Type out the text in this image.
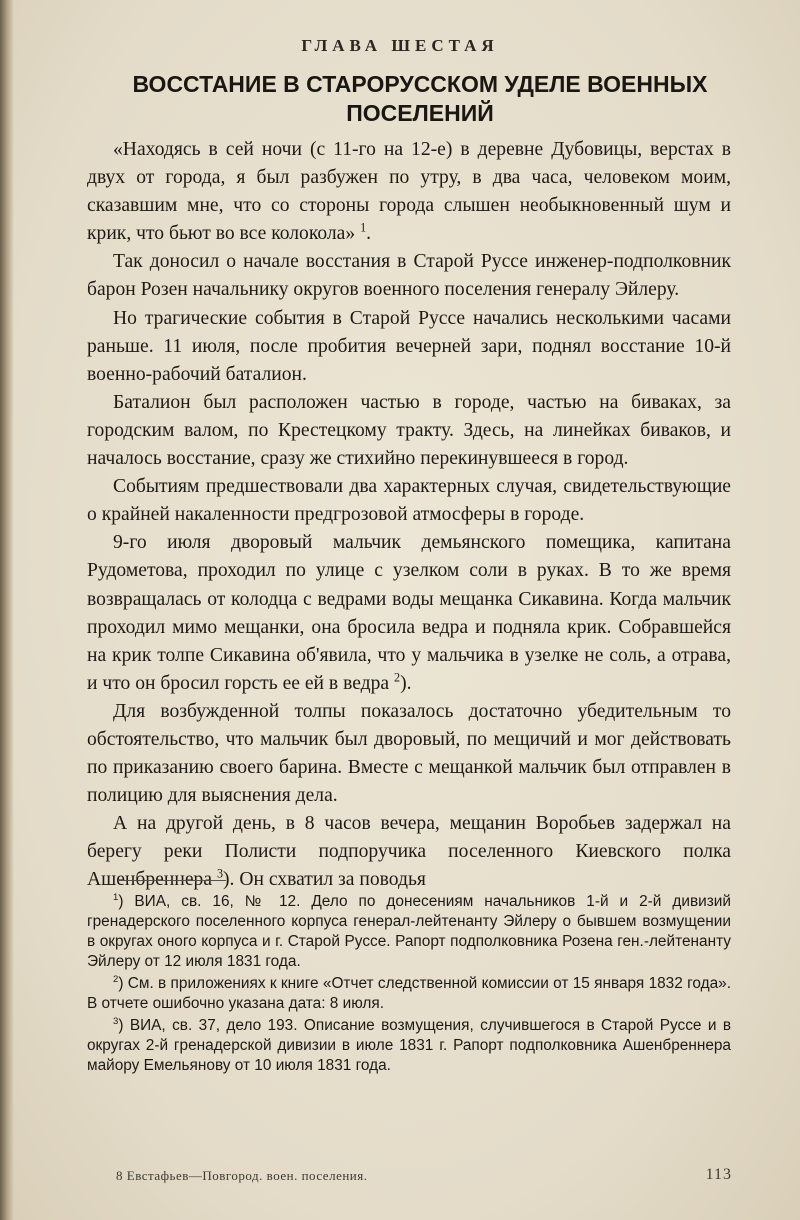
ГЛАВА ШЕСТАЯ
ВОССТАНИЕ В СТАРОРУССКОМ УДЕЛЕ ВОЕННЫХ
ПОСЕЛЕНИЙ

«Находясь в сей ночи (с 11-го на 12-е) в деревне Дубовицы, верстах в двух от города, я был разбужен по утру, в два часа, человеком моим, сказавшим мне, что со стороны города слышен необыкновенный шум и крик, что бьют во все колокола» $^1$.

Так доносил о начале восстания в Старой Руссе инженер-подполковник барон Розен начальнику округов военного поселения генералу Эйлеру.

Но трагические события в Старой Руссе начались несколькими часами раньше. 11 июля, после пробития вечерней зари, поднял восстание 10-й военно-рабочий баталион.

Баталион был расположен частью в городе, частью на биваках, за городским валом, по Крестецкому тракту. Здесь, на линейках биваков, и началось восстание, сразу же стихийно перекинувшееся в город.

Событиям предшествовали два характерных случая, свидетельствующие о крайней накаленности предгрозовой атмосферы в городе.

9-го июля дворовый мальчик демьянского помещика, капитана Рудометова, проходил по улице с узелком соли в руках. В то же время возвращалась от колодца с ведрами воды мещанка Сикавина. Когда мальчик проходил мимо мещанки, она бросила ведра и подняла крик. Собравшейся на крик толпе Сикавина об'явила, что у мальчика в узелке не соль, а отрава, и что он бросил горсть ее ей в ведра $^2$).

Для возбужденной толпы показалось достаточно убедительным то обстоятельство, что мальчик был дворовый, по мещичий и мог действовать по приказанию своего барина. Вместе с мещанкой мальчик был отправлен в полицию для выяснения дела.

А на другой день, в 8 часов вечера, мещанин Воробьев задержал на берегу реки Полисти подпоручика поселенного Киевского полка Ашенбреннера $^3$). Он схватил за поводья

$^1$) ВИА, св. 16, № 12. Дело по донесениям начальников 1-й и 2-й дивизий гренадерского поселенного корпуса генерал-лейтенанту Эйлеру о бывшем возмущении в округах оного корпуса и г. Старой Руссе. Рапорт подполковника Розена ген.-лейтенанту Эйлеру от 12 июля 1831 года.

$^2$) См. в приложениях к книге «Отчет следственной комиссии от 15 января 1832 года». В отчете ошибочно указана дата: 8 июля.

$^3$) ВИА, св. 37, дело 193. Описание возмущения, случившегося в Старой Руссе и в округах 2-й гренадерской дивизии в июле 1831 г. Рапорт подполковника Ашенбреннера майору Емельянову от 10 июля 1831 года.

8 Евстафьев—Повгород. воен. поселения.	113
